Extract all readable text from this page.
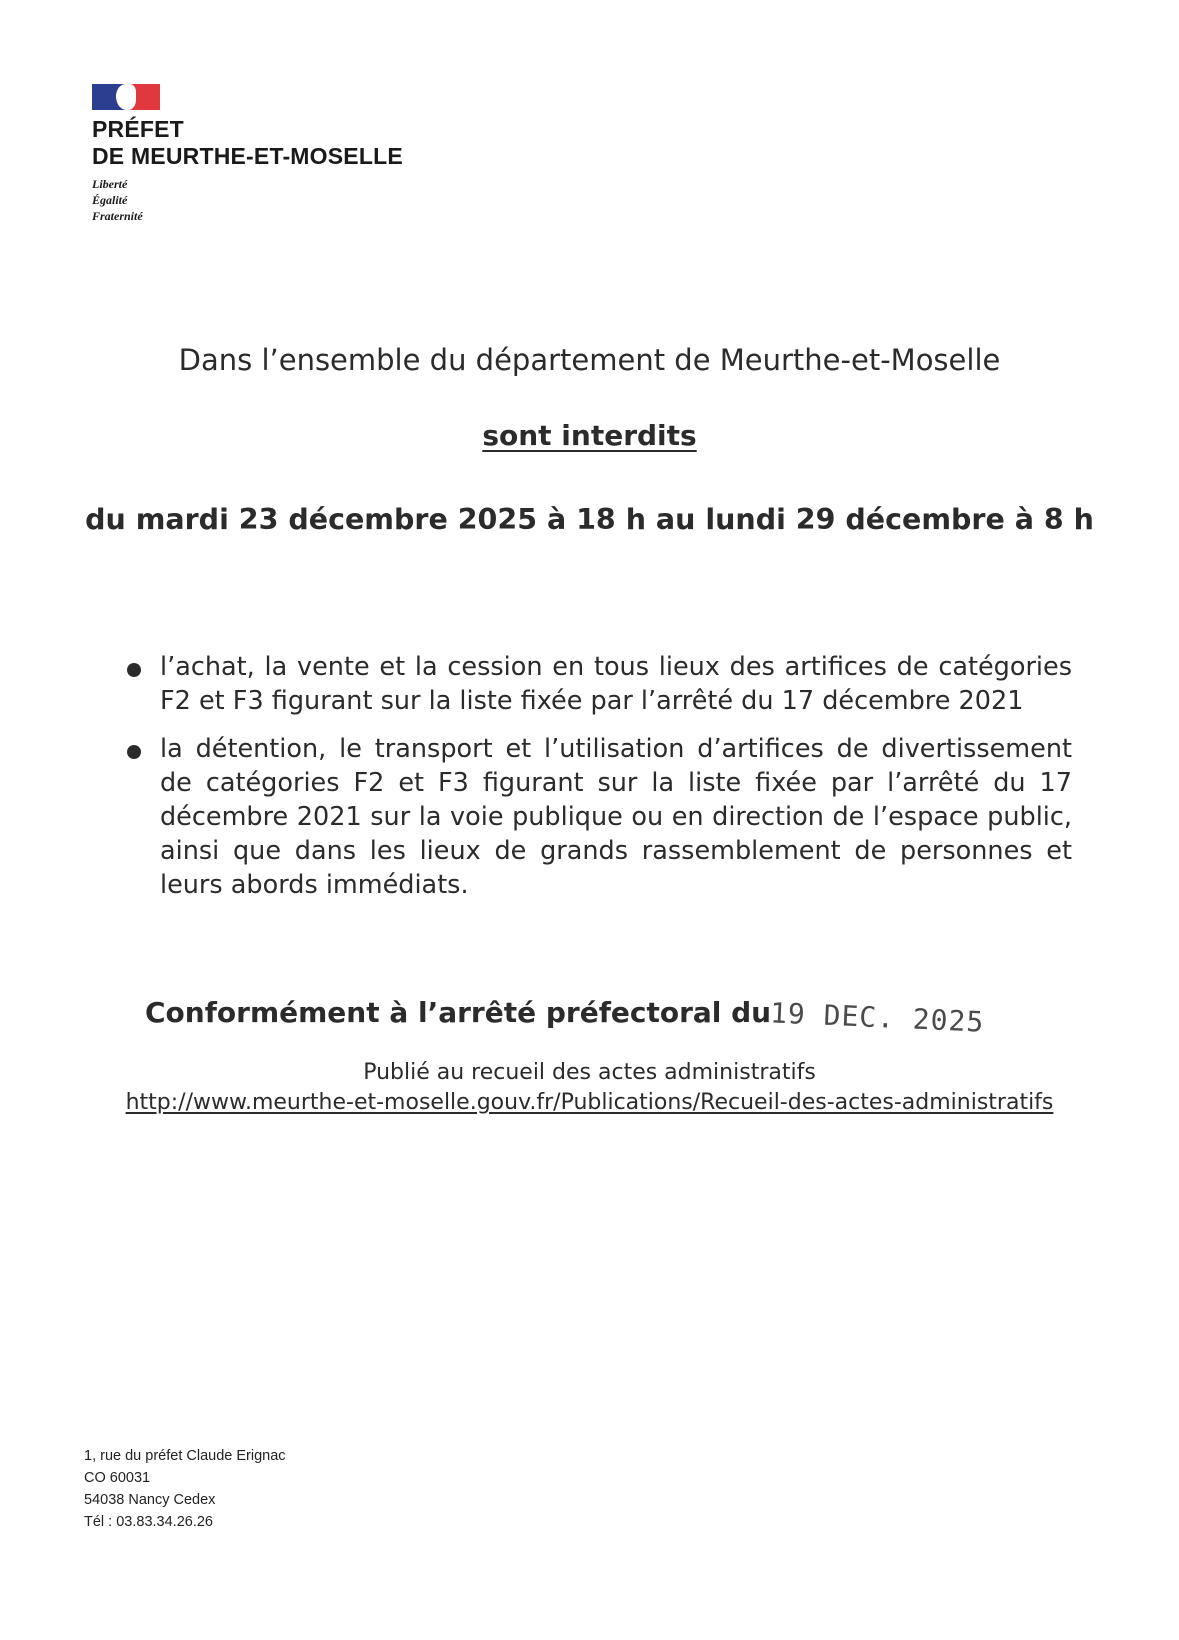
PRÉFET
DE MEURTHE-ET-MOSELLE
Liberté
Égalité
Fraternité
Dans l’ensemble du département de Meurthe-et-Moselle
sont interdits
du mardi 23 décembre 2025 à 18 h au lundi 29 décembre à 8 h
l’achat, la vente et la cession en tous lieux des artifices de catégories F2 et F3 figurant sur la liste fixée par l’arrêté du 17 décembre 2021
la détention, le transport et l’utilisation d’artifices de divertissement de catégories F2 et F3 figurant sur la liste fixée par l’arrêté du 17 décembre 2021 sur la voie publique ou en direction de l’espace public, ainsi que dans les lieux de grands rassemblement de personnes et leurs abords immédiats.
Conformément à l’arrêté préfectoral du
19 DEC. 2025
Publié au recueil des actes administratifs
http://www.meurthe-et-moselle.gouv.fr/Publications/Recueil-des-actes-administratifs
1, rue du préfet Claude Erignac
CO 60031
54038 Nancy Cedex
Tél : 03.83.34.26.26
